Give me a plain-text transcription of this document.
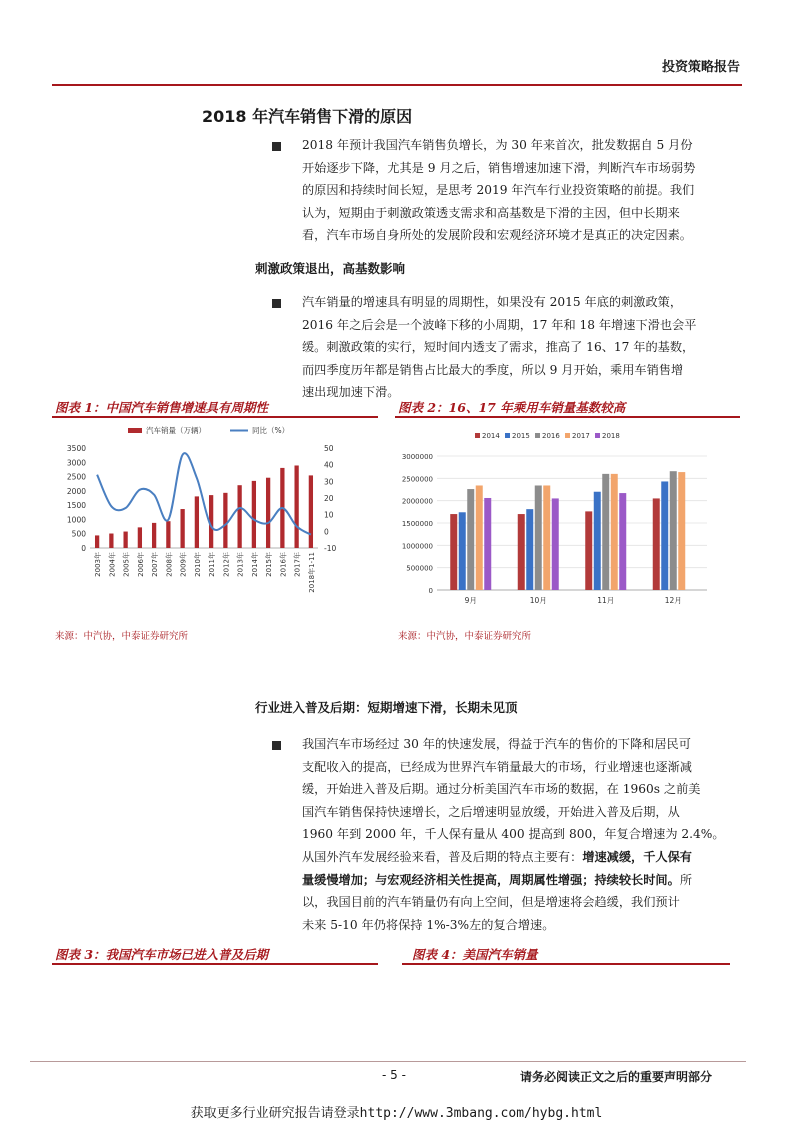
投资策略报告
2018 年汽车销售下滑的原因
2018 年预计我国汽车销售负增长，为 30 年来首次，批发数据自 5 月份
开始逐步下降，尤其是 9 月之后，销售增速加速下滑，判断汽车市场弱势
的原因和持续时间长短，是思考 2019 年汽车行业投资策略的前提。我们
认为，短期由于刺激政策透支需求和高基数是下滑的主因，但中长期来
看，汽车市场自身所处的发展阶段和宏观经济环境才是真正的决定因素。
刺激政策退出，高基数影响
汽车销量的增速具有明显的周期性，如果没有 2015 年底的刺激政策，
2016 年之后会是一个波峰下移的小周期，17 年和 18 年增速下滑也会平
缓。刺激政策的实行，短时间内透支了需求，推高了 16、17 年的基数，
而四季度历年都是销售占比最大的季度，所以 9 月开始，乘用车销售增
速出现加速下滑。
图表 1：中国汽车销售增速具有周期性	图表 2：16、17 年乘用车销量基数较高
0
500
1000
1500
2000
2500
3000
3500
-10
0
10
20
30
40
50
2003年 2004年 2005年 2006年 2007年 2008年 2009年 2010年 2011年 2012年 2013年 2014年 2015年 2016年 2017年 2018年1-11
汽车销量（万辆）	同比（%）
0
500000
1000000
1500000
2000000
2500000
3000000
9月	10月	11月	12月
2014 2015 2016 2017 2018
来源：中汽协，中泰证券研究所	来源：中汽协，中泰证券研究所
行业进入普及后期：短期增速下滑，长期未见顶
我国汽车市场经过 30 年的快速发展，得益于汽车的售价的下降和居民可
支配收入的提高，已经成为世界汽车销量最大的市场，行业增速也逐渐减
缓，开始进入普及后期。通过分析美国汽车市场的数据，在 1960s 之前美
国汽车销售保持快速增长，之后增速明显放缓，开始进入普及后期，从
1960 年到 2000 年，千人保有量从 400 提高到 800，年复合增速为 2.4%。
从国外汽车发展经验来看，普及后期的特点主要有：增速减缓，千人保有
量缓慢增加；与宏观经济相关性提高，周期属性增强；持续较长时间。所
以，我国目前的汽车销量仍有向上空间，但是增速将会趋缓，我们预计
未来 5-10 年仍将保持 1%-3%左的复合增速。
图表 3：我国汽车市场已进入普及后期	图表 4：美国汽车销量
- 5 -	请务必阅读正文之后的重要声明部分
获取更多行业研究报告请登录http://www.3mbang.com/hybg.html
